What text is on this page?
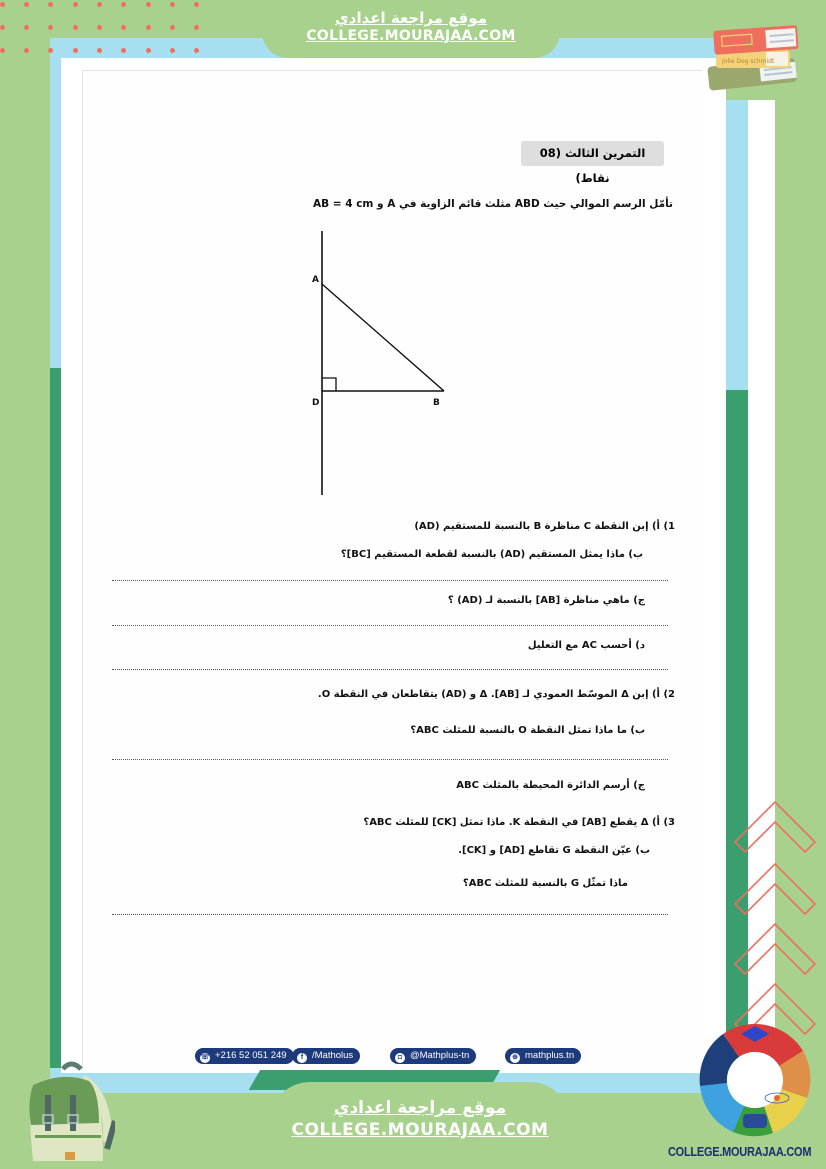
موقع مراجعة اعدادي
COLLEGE.MOURAJAA.COM
Jolie Dog schmidt
التمرين الثالث (08 نقاط)
تأمّل الرسم الموالي حيث ABD مثلث قائم الزاوية في A و AB = 4 cm
A
D	B
1) أ) إبن النقطة C مناظرة B بالنسبة للمستقيم (AD)
ب) ماذا يمثل المستقيم (AD) بالنسبة لقطعة المستقيم [BC]؟
ج) ماهي مناظرة [AB] بالنسبة لـ (AD) ؟
د) أحسب AC مع التعليل
2) أ) إبن Δ الموسّط العمودي لـ [AB]. Δ و (AD) يتقاطعان في النقطة O.
ب) ما ماذا تمثل النقطة O بالنسبة للمثلث ABC؟
ج) أرسم الدائرة المحيطة بالمثلث ABC
3) أ) Δ يقطع [AB] في النقطة K. ماذا تمثل [CK] للمثلث ABC؟
ب) عيّن النقطة G تقاطع [AD] و [CK].
ماذا تمثّل G بالنسبة للمثلث ABC؟
☏ +216 52 051 249	f /Matholus	◘ @Mathplus-tn	⊕ mathplus.tn
موقع مراجعة اعدادي
COLLEGE.MOURAJAA.COM
COLLEGE.MOURAJAA.COM
